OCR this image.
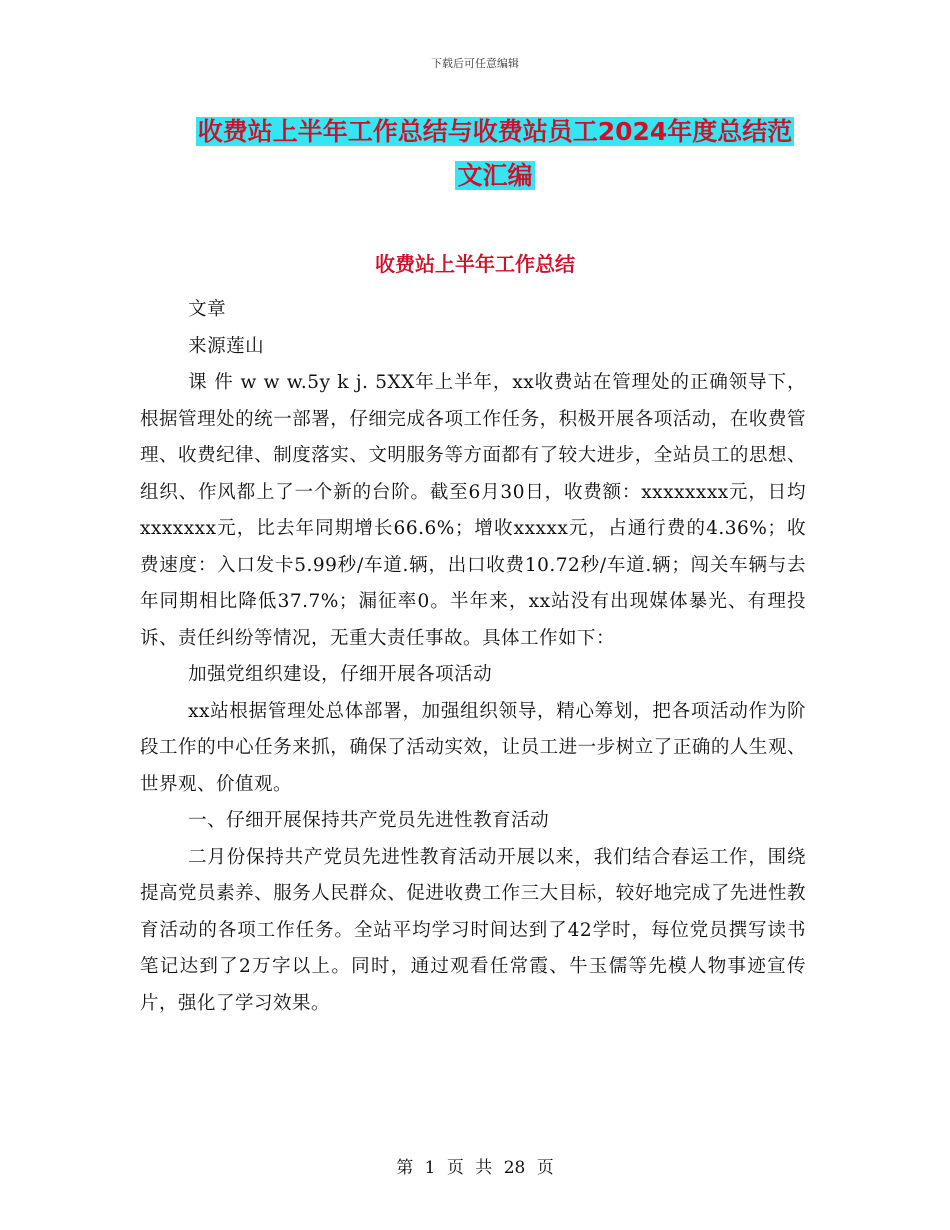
下载后可任意编辑
收费站上半年工作总结与收费站员工2024年度总结范
文汇编
收费站上半年工作总结

文章

来源莲山

课 件 w w w.5y k j. 5XX年上半年，xx收费站在管理处的正确领导下，根据管理处的统一部署，仔细完成各项工作任务，积极开展各项活动，在收费管理、收费纪律、制度落实、文明服务等方面都有了较大进步，全站员工的思想、组织、作风都上了一个新的台阶。截至6月30日，收费额：xxxxxxxx元，日均xxxxxxx元，比去年同期增长66.6%；增收xxxxx元，占通行费的4.36%；收费速度：入口发卡5.99秒/车道.辆，出口收费10.72秒/车道.辆；闯关车辆与去年同期相比降低37.7%；漏征率0。半年来，xx站没有出现媒体暴光、有理投诉、责任纠纷等情况，无重大责任事故。具体工作如下：

加强党组织建设，仔细开展各项活动

xx站根据管理处总体部署，加强组织领导，精心筹划，把各项活动作为阶段工作的中心任务来抓，确保了活动实效，让员工进一步树立了正确的人生观、世界观、价值观。

一、仔细开展保持共产党员先进性教育活动

二月份保持共产党员先进性教育活动开展以来，我们结合春运工作，围绕提高党员素养、服务人民群众、促进收费工作三大目标，较好地完成了先进性教育活动的各项工作任务。全站平均学习时间达到了42学时，每位党员撰写读书笔记达到了2万字以上。同时，通过观看任常霞、牛玉儒等先模人物事迹宣传片，强化了学习效果。

第 1 页 共 28 页
